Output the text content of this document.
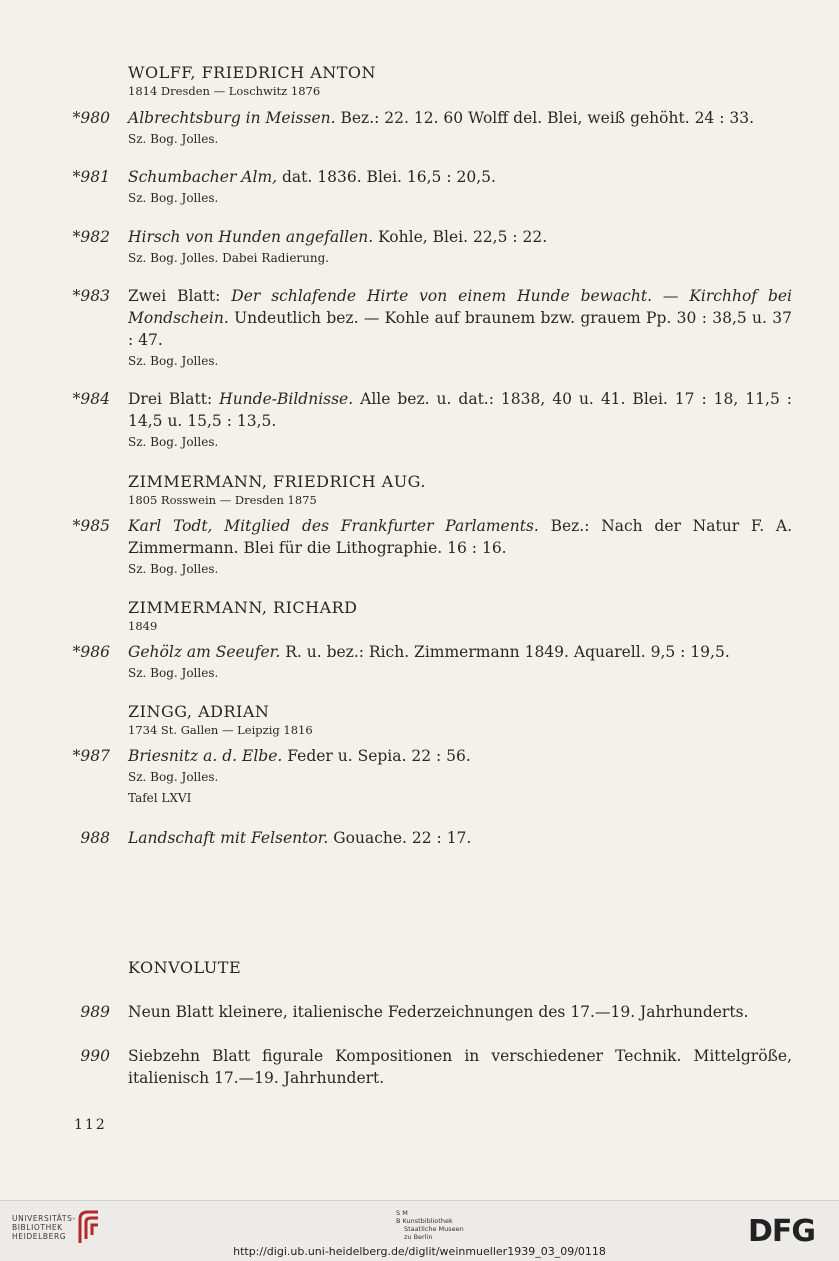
WOLFF, FRIEDRICH ANTON
1814 Dresden — Loschwitz 1876
*980 Albrechtsburg in Meissen. Bez.: 22. 12. 60 Wolff del. Blei, weiß gehöht. 24 : 33.
Sz. Bog. Jolles.
*981 Schumbacher Alm, dat. 1836. Blei. 16,5 : 20,5.
Sz. Bog. Jolles.
*982 Hirsch von Hunden angefallen. Kohle, Blei. 22,5 : 22.
Sz. Bog. Jolles. Dabei Radierung.
*983 Zwei Blatt: Der schlafende Hirte von einem Hunde bewacht. — Kirchhof bei Mondschein. Undeutlich bez. — Kohle auf braunem bzw. grauem Pp. 30 : 38,5 u. 37 : 47.
Sz. Bog. Jolles.
*984 Drei Blatt: Hunde-Bildnisse. Alle bez. u. dat.: 1838, 40 u. 41. Blei. 17 : 18, 11,5 : 14,5 u. 15,5 : 13,5.
Sz. Bog. Jolles.
ZIMMERMANN, FRIEDRICH AUG.
1805 Rosswein — Dresden 1875
*985 Karl Todt, Mitglied des Frankfurter Parlaments. Bez.: Nach der Natur F. A. Zimmermann. Blei für die Lithographie. 16 : 16.
Sz. Bog. Jolles.
ZIMMERMANN, RICHARD
1849
*986 Gehölz am Seeufer. R. u. bez.: Rich. Zimmermann 1849. Aquarell. 9,5 : 19,5.
Sz. Bog. Jolles.
ZINGG, ADRIAN
1734 St. Gallen — Leipzig 1816
*987 Briesnitz a. d. Elbe. Feder u. Sepia. 22 : 56.
Sz. Bog. Jolles.
Tafel LXVI
988 Landschaft mit Felsentor. Gouache. 22 : 17.
KONVOLUTE
989 Neun Blatt kleinere, italienische Federzeichnungen des 17.—19. Jahrhunderts.
990 Siebzehn Blatt figurale Kompositionen in verschiedener Technik. Mittelgröße, italienisch 17.—19. Jahrhundert.
112
UNIVERSITÄTS-
BIBLIOTHEK
HEIDELBERG
S M
B Kunstbibliothek
Staatliche Museen
zu Berlin	DFG
http://digi.ub.uni-heidelberg.de/diglit/weinmueller1939_03_09/0118
